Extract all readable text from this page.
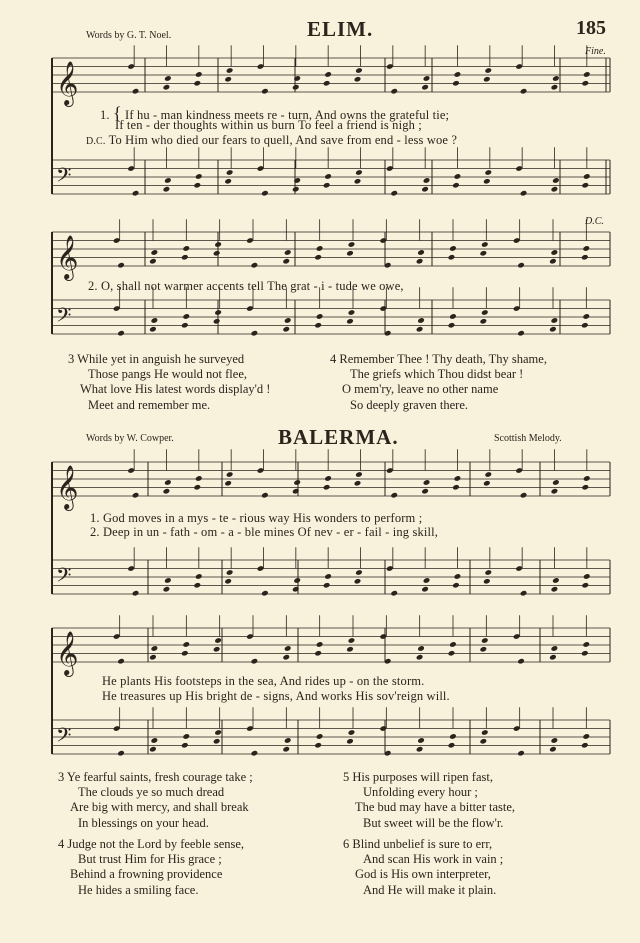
Words by G. T. Noel.	ELIM.	185
Fine.
D.C.
𝄞
𝄢
𝄞
𝄢
𝄞
𝄢
𝄞
𝄢
1. { If hu - man kindness meets re - turn, And owns the grateful tie;
If ten - der thoughts within us burn To feel a friend is nigh ;
D.C. To Him who died our fears to quell, And save from end - less woe ?
2. O, shall not warmer accents tell The grat - i - tude we owe,
3 While yet in anguish he surveyed
Those pangs He would not flee,
What love His latest words display'd !
Meet and remember me.
4 Remember Thee ! Thy death, Thy shame,
The griefs which Thou didst bear !
O mem'ry, leave no other name
So deeply graven there.
Words by W. Cowper.	BALERMA.	Scottish Melody.
1. God moves in a mys - te - rious way His wonders to perform ;
2. Deep in un - fath - om - a - ble mines Of nev - er - fail - ing skill,
He plants His footsteps in the sea, And rides up - on the storm.
He treasures up His bright de - signs, And works His sov'reign will.
3 Ye fearful saints, fresh courage take ;
The clouds ye so much dread
Are big with mercy, and shall break
In blessings on your head.
5 His purposes will ripen fast,
Unfolding every hour ;
The bud may have a bitter taste,
But sweet will be the flow'r.
4 Judge not the Lord by feeble sense,
But trust Him for His grace ;
Behind a frowning providence
He hides a smiling face.
6 Blind unbelief is sure to err,
And scan His work in vain ;
God is His own interpreter,
And He will make it plain.
